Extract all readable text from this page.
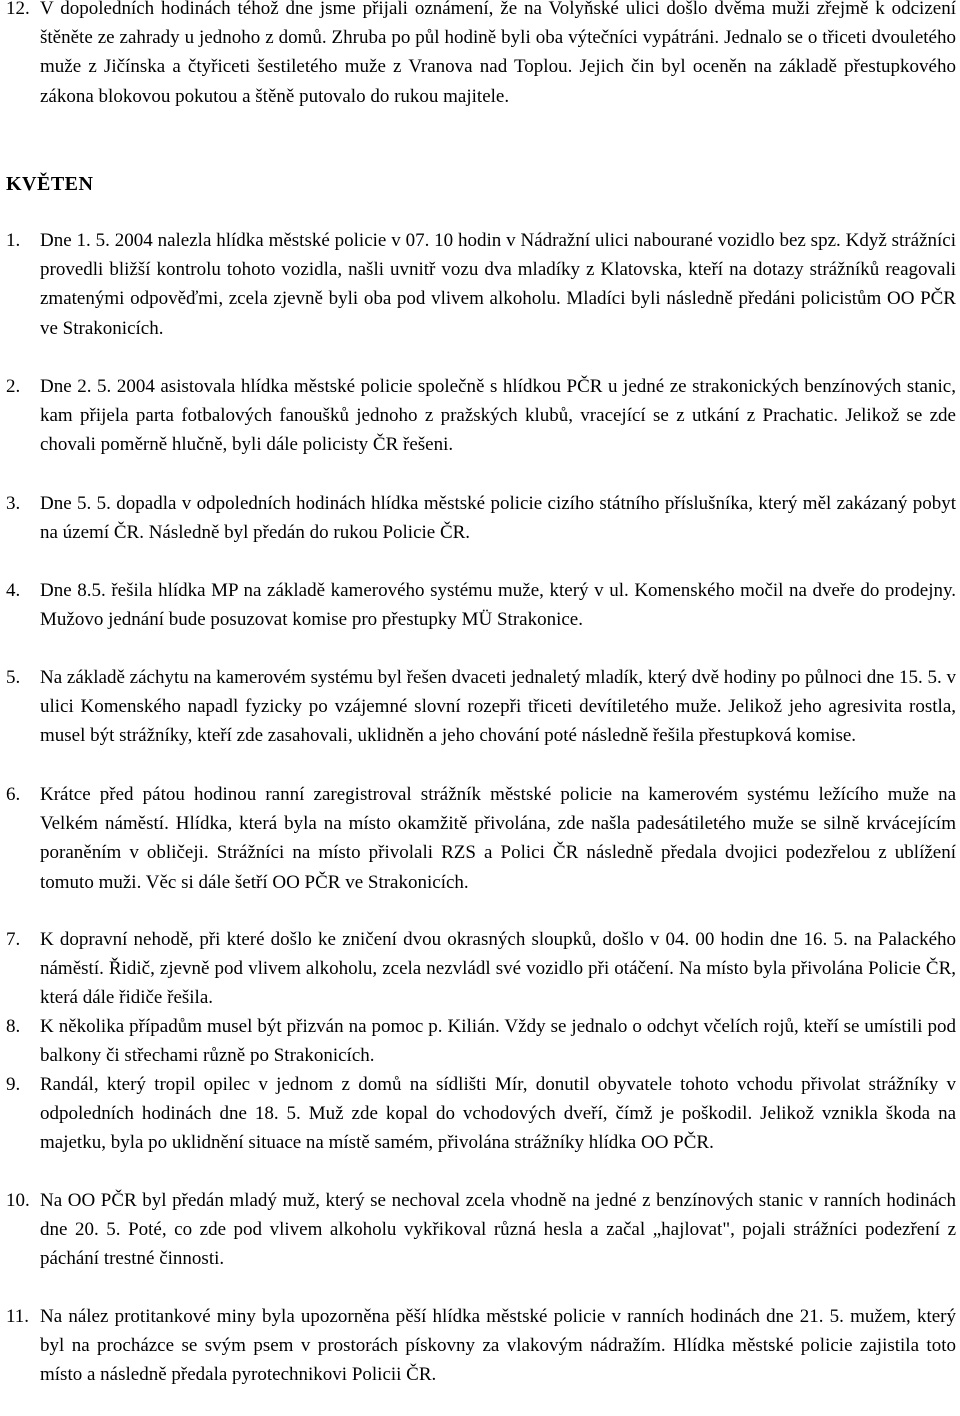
12. V dopoledních hodinách téhož dne jsme přijali oznámení, že na Volyňské ulici došlo dvěma muži zřejmě k odcizení štěněte ze zahrady u jednoho z domů. Zhruba po půl hodině byli oba výtečníci vypátráni. Jednalo se o třiceti dvouletého muže z Jičínska a čtyřiceti šestiletého muže z Vranova nad Toplou. Jejich čin byl oceněn na základě přestupkového zákona blokovou pokutou a štěně putovalo do rukou majitele.
KVĚTEN
1. Dne 1. 5. 2004 nalezla hlídka městské policie v 07. 10 hodin v Nádražní ulici nabourané vozidlo bez spz. Když strážníci provedli bližší kontrolu tohoto vozidla, našli uvnitř vozu dva mladíky z Klatovska, kteří na dotazy strážníků reagovali zmatenými odpověďmi, zcela zjevně byli oba pod vlivem alkoholu. Mladíci byli následně předáni policistům OO PČR ve Strakonicích.
2. Dne 2. 5. 2004 asistovala hlídka městské policie společně s hlídkou PČR u jedné ze strakonických benzínových stanic, kam přijela parta fotbalových fanoušků jednoho z pražských klubů, vracející se z utkání z Prachatic. Jelikož se zde chovali poměrně hlučně, byli dále policisty ČR řešeni.
3. Dne 5. 5. dopadla v odpoledních hodinách hlídka městské policie cizího státního příslušníka, který měl zakázaný pobyt na území ČR. Následně byl předán do rukou Policie ČR.
4. Dne 8.5. řešila hlídka MP na základě kamerového systému muže, který v ul. Komenského močil na dveře do prodejny. Mužovo jednání bude posuzovat komise pro přestupky MÜ Strakonice.
5. Na základě záchytu na kamerovém systému byl řešen dvaceti jednaletý mladík, který dvě hodiny po půlnoci dne 15. 5. v ulici Komenského napadl fyzicky po vzájemné slovní rozepři třiceti devítiletého muže. Jelikož jeho agresivita rostla, musel být strážníky, kteří zde zasahovali, uklidněn a jeho chování poté následně řešila přestupková komise.
6. Krátce před pátou hodinou ranní zaregistroval strážník městské policie na kamerovém systému ležícího muže na Velkém náměstí. Hlídka, která byla na místo okamžitě přivolána, zde našla padesátiletého muže se silně krvácejícím poraněním v obličeji. Strážníci na místo přivolali RZS a Polici ČR následně předala dvojici podezřelou z ublížení tomuto muži. Věc si dále šetří OO PČR ve Strakonicích.
7. K dopravní nehodě, při které došlo ke zničení dvou okrasných sloupků, došlo v 04. 00 hodin dne 16. 5. na Palackého náměstí. Řidič, zjevně pod vlivem alkoholu, zcela nezvládl své vozidlo při otáčení. Na místo byla přivolána Policie ČR, která dále řidiče řešila.
8. K několika případům musel být přizván na pomoc p. Kilián. Vždy se jednalo o odchyt včelích rojů, kteří se umístili pod balkony či střechami různě po Strakonicích.
9. Randál, který tropil opilec v jednom z domů na sídlišti Mír, donutil obyvatele tohoto vchodu přivolat strážníky v odpoledních hodinách dne 18. 5. Muž zde kopal do vchodových dveří, čímž je poškodil. Jelikož vznikla škoda na majetku, byla po uklidnění situace na místě samém, přivolána strážníky hlídka OO PČR.
10. Na OO PČR byl předán mladý muž, který se nechoval zcela vhodně na jedné z benzínových stanic v ranních hodinách dne 20. 5. Poté, co zde pod vlivem alkoholu vykřikoval různá hesla a začal „hajlovat", pojali strážníci podezření z páchání trestné činnosti.
11. Na nález protitankové miny byla upozorněna pěší hlídka městské policie v ranních hodinách dne 21. 5. mužem, který byl na procházce se svým psem v prostorách pískovny za vlakovým nádražím. Hlídka městské policie zajistila toto místo a následně předala pyrotechnikovi Policii ČR.
